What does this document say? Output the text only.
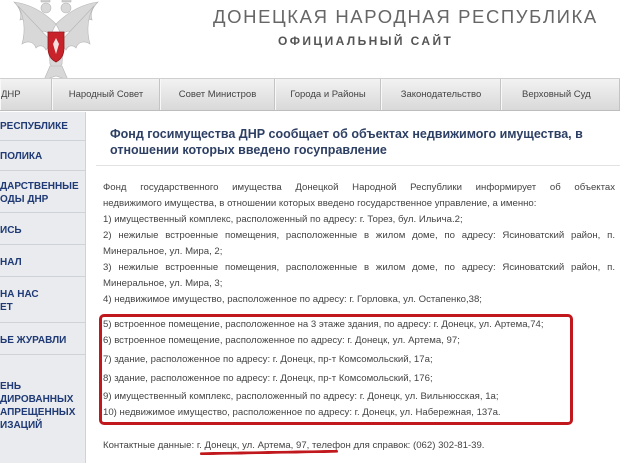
ДОНЕЦКАЯ НАРОДНАЯ РЕСПУБЛИКА
ОФИЦИАЛЬНЫЙ САЙТ
ДНР	Народный Совет	Совет Министров	Города и Районы	Законодательство	Верховный Суд
РЕСПУБЛИКЕ
ПОЛИКА
ДАРСТВЕННЫЕ
ОДЫ ДНР
ИСЬ
НАЛ
НА НАС
ЕТ
ЬЕ ЖУРАВЛИ
ЕНЬ
ДИРОВАННЫХ
АПРЕЩЕННЫХ
ИЗАЦИЙ
Фонд госимущества ДНР сообщает об объектах недвижимого имущества, в отношении которых введено госуправление
Фонд государственного имущества Донецкой Народной Республики информирует об объектах
недвижимого имущества, в отношении которых введено государственное управление, а именно:
1) имущественный комплекс, расположенный по адресу: г. Торез, бул. Ильича.2;
2) нежилые встроенные помещения, расположенные в жилом доме, по адресу: Ясиноватский район, п.
Минеральное, ул. Мира, 2;
3) нежилые встроенные помещения, расположенные в жилом доме, по адресу: Ясиноватский район, п.
Минеральное, ул. Мира, 3;
4) недвижимое имущество, расположенное по адресу: г. Горловка, ул. Остапенко,38;
5) встроенное помещение, расположенное на 3 этаже здания, по адресу: г. Донецк, ул. Артема,74;
6) встроенное помещение, расположенное по адресу: г. Донецк, ул. Артема, 97;
7) здание, расположенное по адресу: г. Донецк, пр-т Комсомольский, 17а;
8) здание, расположенное по адресу: г. Донецк, пр-т Комсомольский, 176;
9) имущественный комплекс, расположенный по адресу: г. Донецк, ул. Вильнюсская, 1а;
10) недвижимое имущество, расположенное по адресу: г. Донецк, ул. Набережная, 137а.
Контактные данные: г. Донецк, ул. Артема, 97, телефон для справок: (062) 302-81-39.
